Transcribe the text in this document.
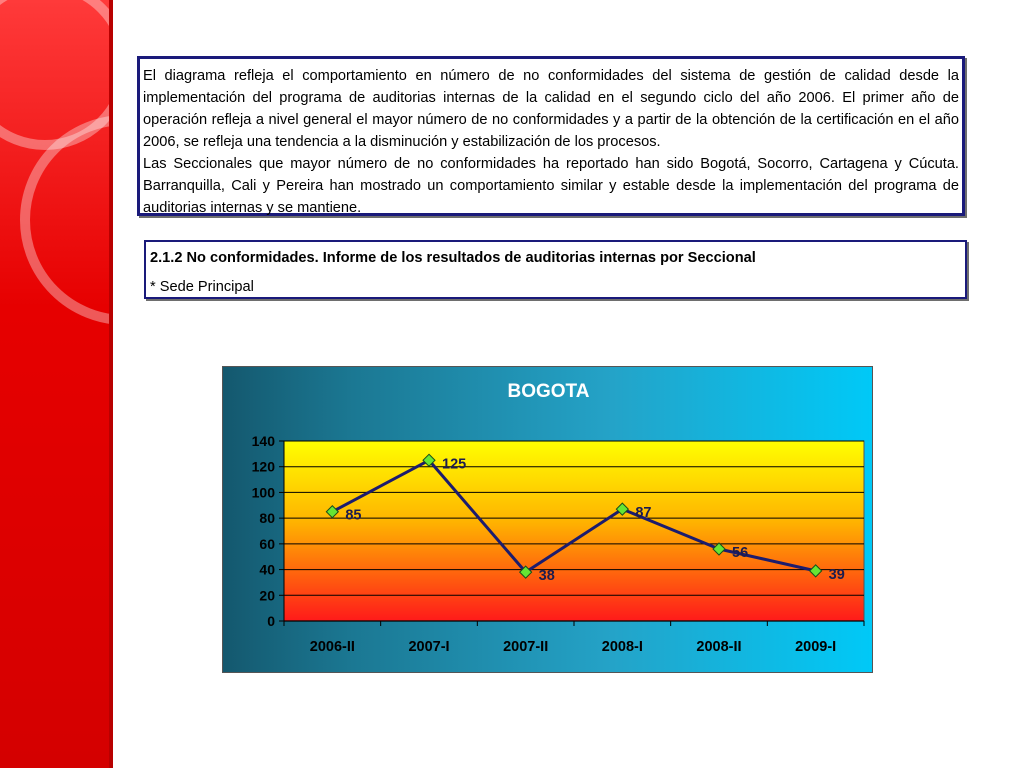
El diagrama refleja el comportamiento en número de no conformidades del sistema de gestión de calidad desde la implementación del programa de auditorias internas de la calidad en el segundo ciclo del año 2006. El primer año de operación refleja a nivel general el mayor número de no conformidades y a partir de la obtención de la certificación en el año 2006, se refleja una tendencia a la disminución y estabilización de los procesos.

Las Seccionales que mayor número de no conformidades ha reportado han sido Bogotá, Socorro, Cartagena y Cúcuta. Barranquilla, Cali y Pereira han mostrado un comportamiento similar y estable desde la implementación del programa de auditorias internas y se mantiene.

2.1.2 No conformidades. Informe de los resultados de auditorias internas por Seccional
* Sede Principal
BOGOTA
0
20
40
60
80
100
120
140
2006-II	2007-I	2007-II	2008-I	2008-II	2009-I
85
125
38
87
56
39
